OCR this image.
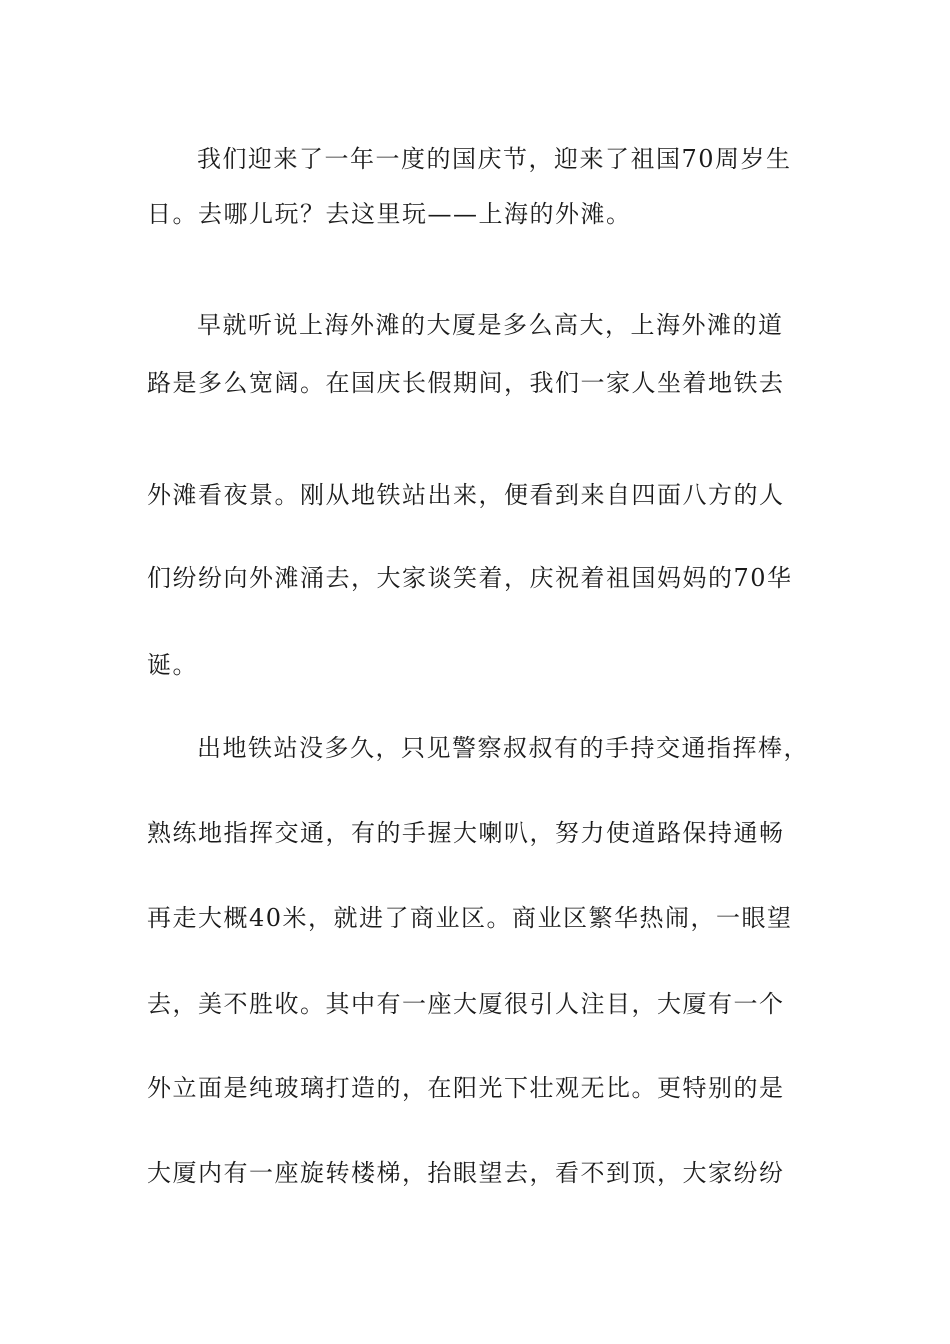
我们迎来了一年一度的国庆节，迎来了祖国70周岁生
日。去哪儿玩？去这里玩——上海的外滩。
早就听说上海外滩的大厦是多么高大，上海外滩的道
路是多么宽阔。在国庆长假期间，我们一家人坐着地铁去
外滩看夜景。刚从地铁站出来，便看到来自四面八方的人
们纷纷向外滩涌去，大家谈笑着，庆祝着祖国妈妈的70华
诞。
出地铁站没多久，只见警察叔叔有的手持交通指挥棒，
熟练地指挥交通，有的手握大喇叭，努力使道路保持通畅
再走大概40米，就进了商业区。商业区繁华热闹，一眼望
去，美不胜收。其中有一座大厦很引人注目，大厦有一个
外立面是纯玻璃打造的，在阳光下壮观无比。更特别的是
大厦内有一座旋转楼梯，抬眼望去，看不到顶，大家纷纷
